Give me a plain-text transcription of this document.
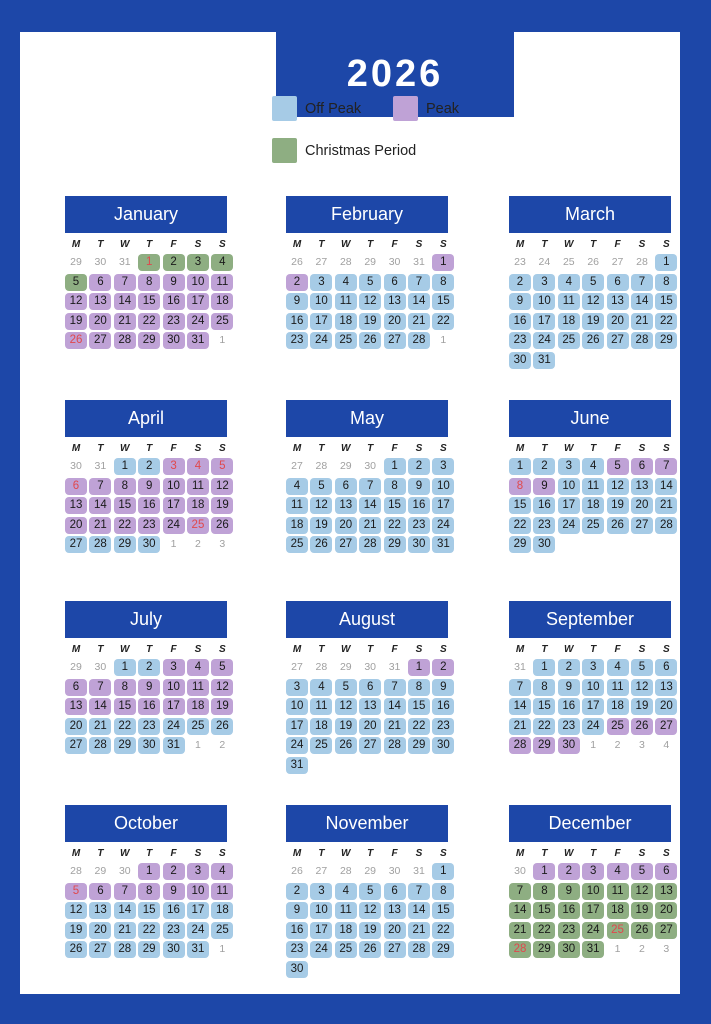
2026
Off Peak	Peak
Christmas Period
January
M	T	W	T	F	S	S
29	30	31	1	2	3	4
5	6	7	8	9	10	11
12	13	14	15	16	17	18
19	20	21	22	23	24	25
26	27	28	29	30	31	1
February
M	T	W	T	F	S	S
26	27	28	29	30	31	1
2	3	4	5	6	7	8
9	10	11	12	13	14	15
16	17	18	19	20	21	22
23	24	25	26	27	28	1
March
M	T	W	T	F	S	S
23	24	25	26	27	28	1
2	3	4	5	6	7	8
9	10	11	12	13	14	15
16	17	18	19	20	21	22
23	24	25	26	27	28	29
30	31
April
M	T	W	T	F	S	S
30	31	1	2	3	4	5
6	7	8	9	10	11	12
13	14	15	16	17	18	19
20	21	22	23	24	25	26
27	28	29	30	1	2	3
May
M	T	W	T	F	S	S
27	28	29	30	1	2	3
4	5	6	7	8	9	10
11	12	13	14	15	16	17
18	19	20	21	22	23	24
25	26	27	28	29	30	31
June
M	T	W	T	F	S	S
1	2	3	4	5	6	7
8	9	10	11	12	13	14
15	16	17	18	19	20	21
22	23	24	25	26	27	28
29	30
July
M	T	W	T	F	S	S
29	30	1	2	3	4	5
6	7	8	9	10	11	12
13	14	15	16	17	18	19
20	21	22	23	24	25	26
27	28	29	30	31	1	2
August
M	T	W	T	F	S	S
27	28	29	30	31	1	2
3	4	5	6	7	8	9
10	11	12	13	14	15	16
17	18	19	20	21	22	23
24	25	26	27	28	29	30
31
September
M	T	W	T	F	S	S
31	1	2	3	4	5	6
7	8	9	10	11	12	13
14	15	16	17	18	19	20
21	22	23	24	25	26	27
28	29	30	1	2	3	4
October
M	T	W	T	F	S	S
28	29	30	1	2	3	4
5	6	7	8	9	10	11
12	13	14	15	16	17	18
19	20	21	22	23	24	25
26	27	28	29	30	31	1
November
M	T	W	T	F	S	S
26	27	28	29	30	31	1
2	3	4	5	6	7	8
9	10	11	12	13	14	15
16	17	18	19	20	21	22
23	24	25	26	27	28	29
30
December
M	T	W	T	F	S	S
30	1	2	3	4	5	6
7	8	9	10	11	12	13
14	15	16	17	18	19	20
21	22	23	24	25	26	27
28	29	30	31	1	2	3
